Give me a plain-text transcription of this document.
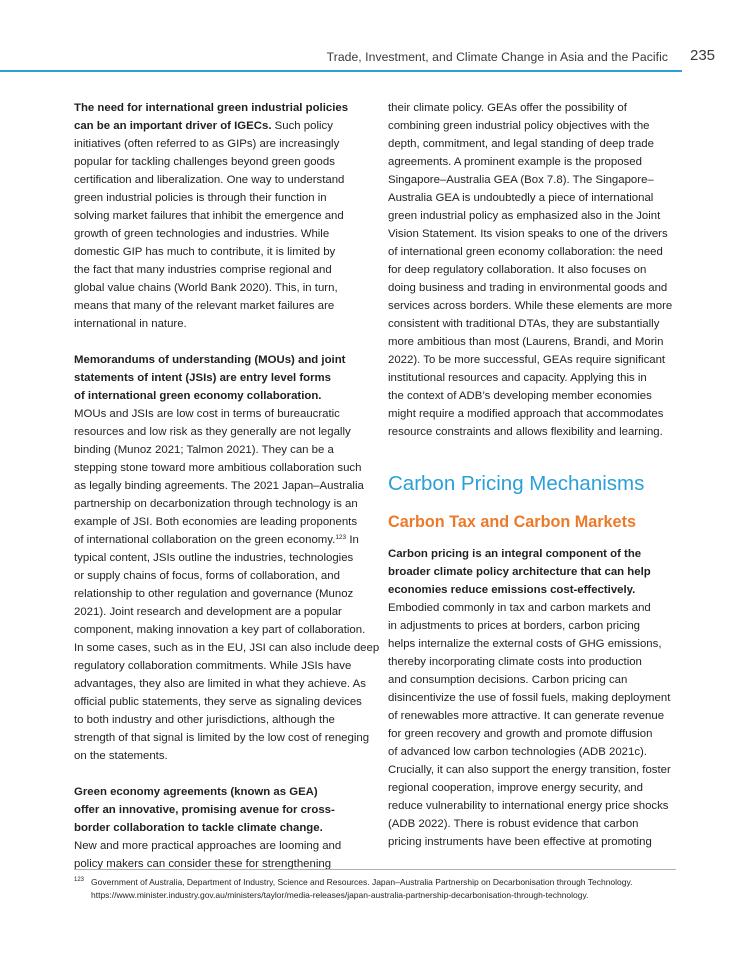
Trade, Investment, and Climate Change in Asia and the Pacific 235
The need for international green industrial policies
can be an important driver of IGECs. Such policy
initiatives (often referred to as GIPs) are increasingly
popular for tackling challenges beyond green goods
certification and liberalization. One way to understand
green industrial policies is through their function in
solving market failures that inhibit the emergence and
growth of green technologies and industries. While
domestic GIP has much to contribute, it is limited by
the fact that many industries comprise regional and
global value chains (World Bank 2020). This, in turn,
means that many of the relevant market failures are
international in nature.
Memorandums of understanding (MOUs) and joint
statements of intent (JSIs) are entry level forms
of international green economy collaboration.
MOUs and JSIs are low cost in terms of bureaucratic
resources and low risk as they generally are not legally
binding (Munoz 2021; Talmon 2021). They can be a
stepping stone toward more ambitious collaboration such
as legally binding agreements. The 2021 Japan–Australia
partnership on decarbonization through technology is an
example of JSI. Both economies are leading proponents
of international collaboration on the green economy.$^{123}$ In
typical content, JSIs outline the industries, technologies
or supply chains of focus, forms of collaboration, and
relationship to other regulation and governance (Munoz
2021). Joint research and development are a popular
component, making innovation a key part of collaboration.
In some cases, such as in the EU, JSI can also include deep
regulatory collaboration commitments. While JSIs have
advantages, they also are limited in what they achieve. As
official public statements, they serve as signaling devices
to both industry and other jurisdictions, although the
strength of that signal is limited by the low cost of reneging
on the statements.
Green economy agreements (known as GEA)
offer an innovative, promising avenue for cross-
border collaboration to tackle climate change.
New and more practical approaches are looming and
policy makers can consider these for strengthening
their climate policy. GEAs offer the possibility of
combining green industrial policy objectives with the
depth, commitment, and legal standing of deep trade
agreements. A prominent example is the proposed
Singapore–Australia GEA (Box 7.8). The Singapore–
Australia GEA is undoubtedly a piece of international
green industrial policy as emphasized also in the Joint
Vision Statement. Its vision speaks to one of the drivers
of international green economy collaboration: the need
for deep regulatory collaboration. It also focuses on
doing business and trading in environmental goods and
services across borders. While these elements are more
consistent with traditional DTAs, they are substantially
more ambitious than most (Laurens, Brandi, and Morin
2022). To be more successful, GEAs require significant
institutional resources and capacity. Applying this in
the context of ADB’s developing member economies
might require a modified approach that accommodates
resource constraints and allows flexibility and learning.
Carbon Pricing Mechanisms
Carbon Tax and Carbon Markets
Carbon pricing is an integral component of the
broader climate policy architecture that can help
economies reduce emissions cost-effectively.
Embodied commonly in tax and carbon markets and
in adjustments to prices at borders, carbon pricing
helps internalize the external costs of GHG emissions,
thereby incorporating climate costs into production
and consumption decisions. Carbon pricing can
disincentivize the use of fossil fuels, making deployment
of renewables more attractive. It can generate revenue
for green recovery and growth and promote diffusion
of advanced low carbon technologies (ADB 2021c).
Crucially, it can also support the energy transition, foster
regional cooperation, improve energy security, and
reduce vulnerability to international energy price shocks
(ADB 2022). There is robust evidence that carbon
pricing instruments have been effective at promoting
123 Government of Australia, Department of Industry, Science and Resources. Japan–Australia Partnership on Decarbonisation through Technology.
https://www.minister.industry.gov.au/ministers/taylor/media-releases/japan-australia-partnership-decarbonisation-through-technology.
